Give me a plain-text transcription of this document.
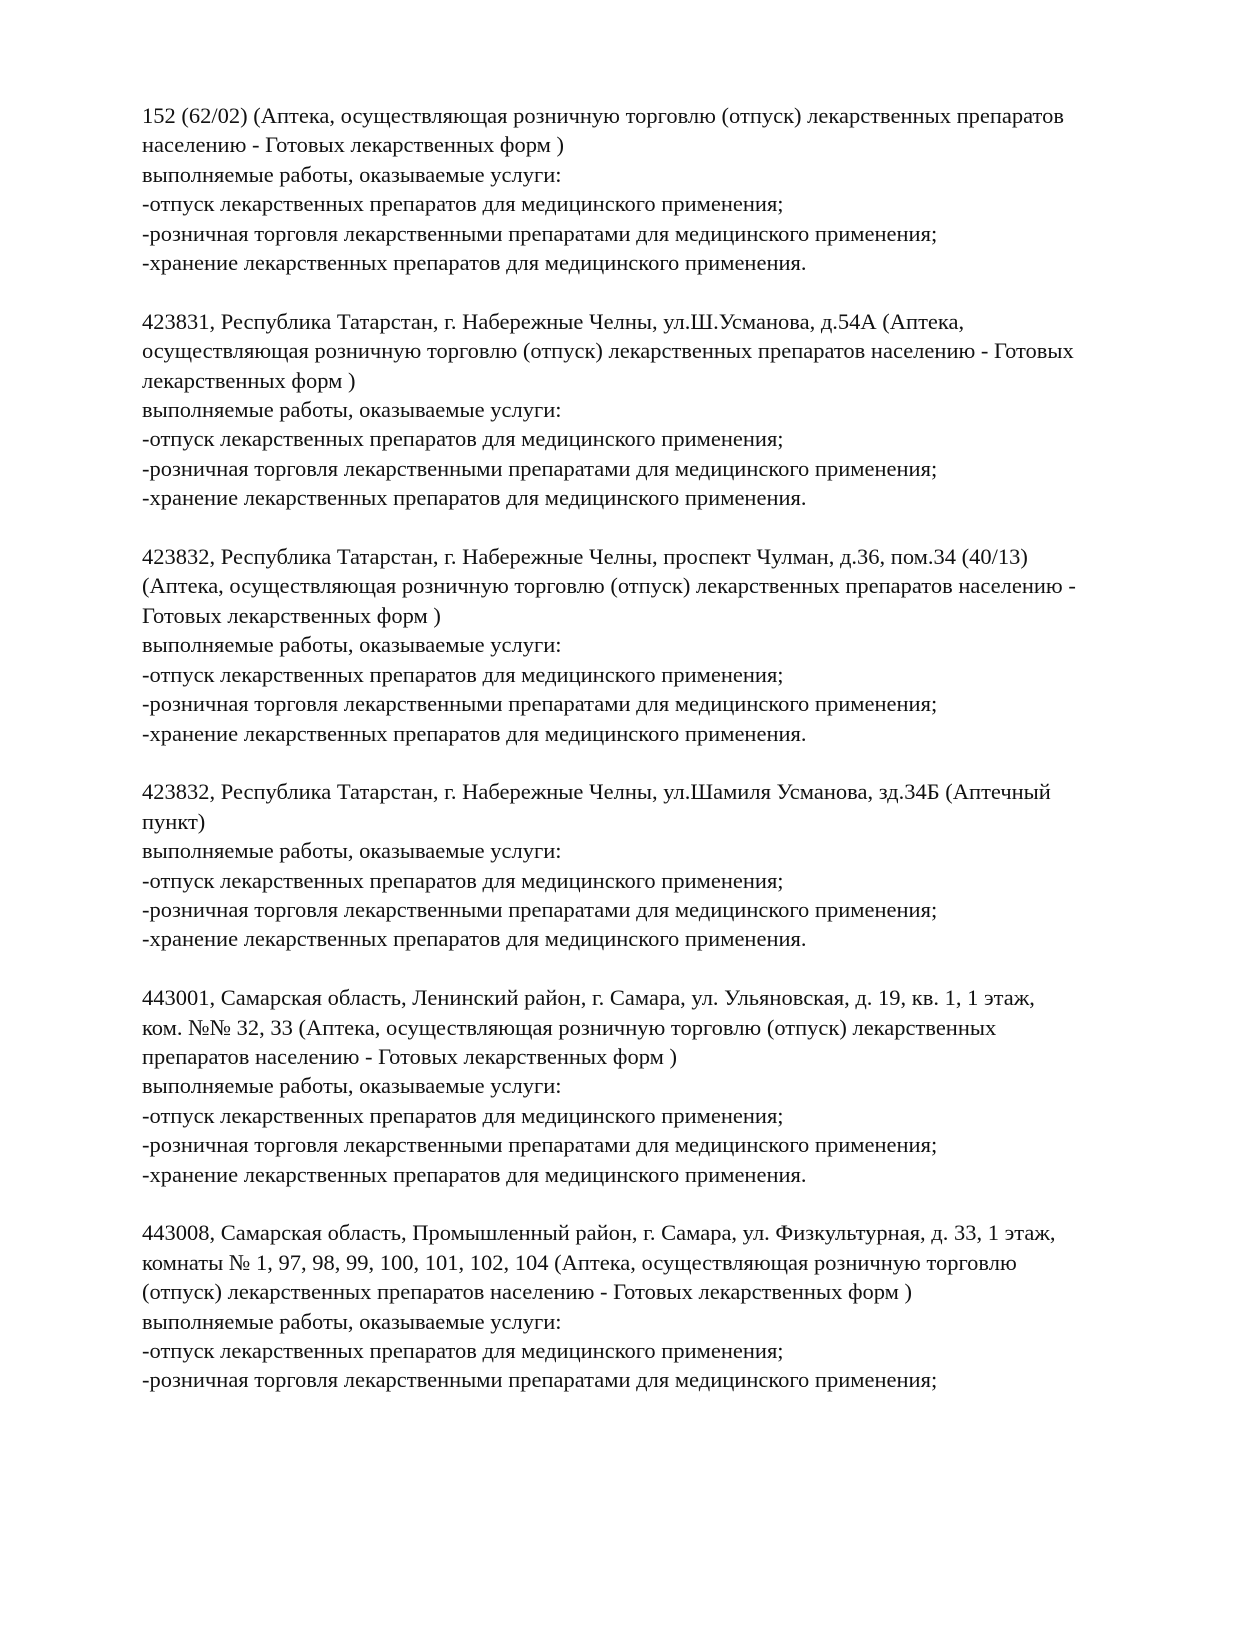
152 (62/02) (Аптека, осуществляющая розничную торговлю (отпуск) лекарственных препаратов
населению - Готовых лекарственных форм )
выполняемые работы, оказываемые услуги:
-отпуск лекарственных препаратов для медицинского применения;
-розничная торговля лекарственными препаратами для медицинского применения;
-хранение лекарственных препаратов для медицинского применения.
423831, Республика Татарстан, г. Набережные Челны, ул.Ш.Усманова, д.54А (Аптека,
осуществляющая розничную торговлю (отпуск) лекарственных препаратов населению - Готовых
лекарственных форм )
выполняемые работы, оказываемые услуги:
-отпуск лекарственных препаратов для медицинского применения;
-розничная торговля лекарственными препаратами для медицинского применения;
-хранение лекарственных препаратов для медицинского применения.
423832, Республика Татарстан, г. Набережные Челны, проспект Чулман, д.36, пом.34 (40/13)
(Аптека, осуществляющая розничную торговлю (отпуск) лекарственных препаратов населению -
Готовых лекарственных форм )
выполняемые работы, оказываемые услуги:
-отпуск лекарственных препаратов для медицинского применения;
-розничная торговля лекарственными препаратами для медицинского применения;
-хранение лекарственных препаратов для медицинского применения.
423832, Республика Татарстан, г. Набережные Челны, ул.Шамиля Усманова, зд.34Б (Аптечный
пункт)
выполняемые работы, оказываемые услуги:
-отпуск лекарственных препаратов для медицинского применения;
-розничная торговля лекарственными препаратами для медицинского применения;
-хранение лекарственных препаратов для медицинского применения.
443001, Самарская область, Ленинский район, г. Самара, ул. Ульяновская, д. 19, кв. 1, 1 этаж,
ком. №№ 32, 33 (Аптека, осуществляющая розничную торговлю (отпуск) лекарственных
препаратов населению - Готовых лекарственных форм )
выполняемые работы, оказываемые услуги:
-отпуск лекарственных препаратов для медицинского применения;
-розничная торговля лекарственными препаратами для медицинского применения;
-хранение лекарственных препаратов для медицинского применения.
443008, Самарская область, Промышленный район, г. Самара, ул. Физкультурная, д. 33, 1 этаж,
комнаты № 1, 97, 98, 99, 100, 101, 102, 104 (Аптека, осуществляющая розничную торговлю
(отпуск) лекарственных препаратов населению - Готовых лекарственных форм )
выполняемые работы, оказываемые услуги:
-отпуск лекарственных препаратов для медицинского применения;
-розничная торговля лекарственными препаратами для медицинского применения;
